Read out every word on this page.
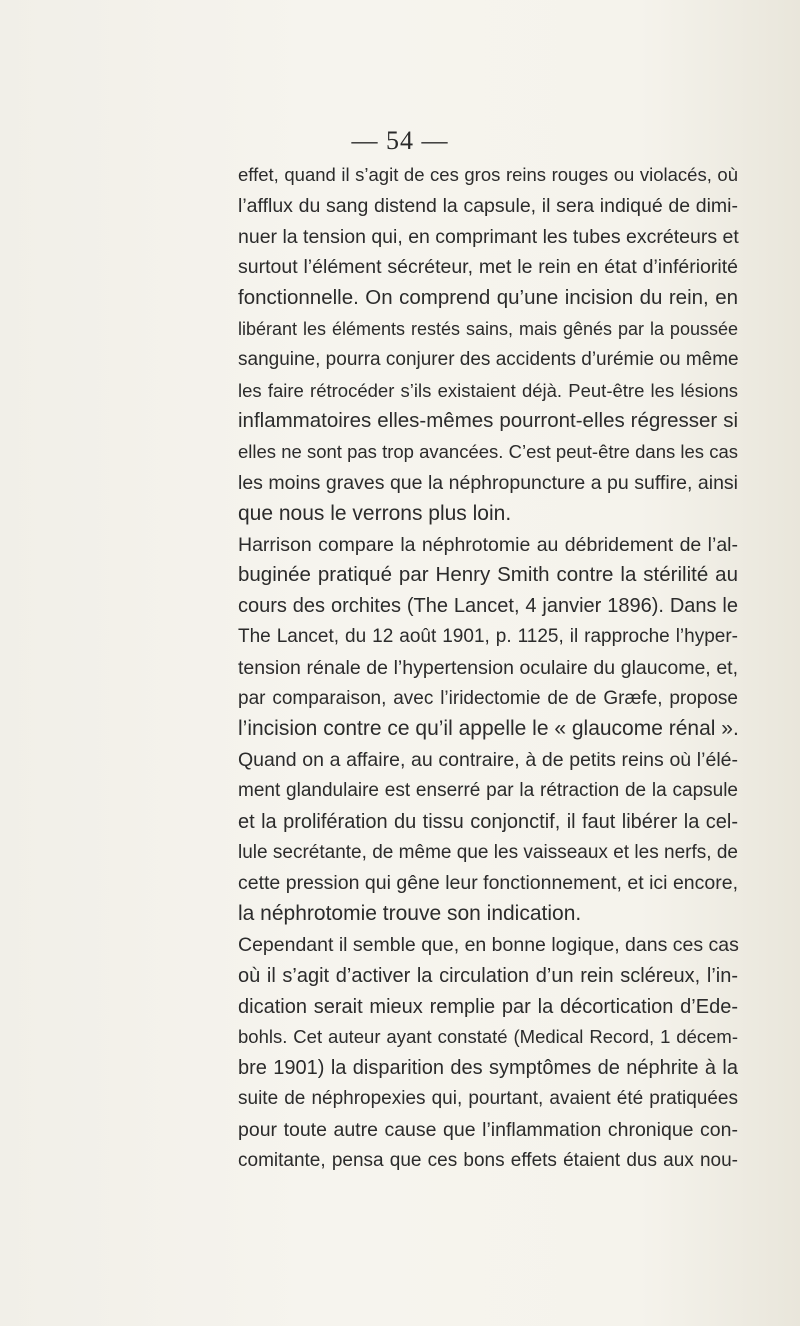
— 54 —
effet, quand il s’agit de ces gros reins rouges ou violacés, où
l’afflux du sang distend la capsule, il sera indiqué de dimi-
nuer la tension qui, en comprimant les tubes excréteurs et
surtout l’élément sécréteur, met le rein en état d’infériorité
fonctionnelle. On comprend qu’une incision du rein, en
libérant les éléments restés sains, mais gênés par la poussée
sanguine, pourra conjurer des accidents d’urémie ou même
les faire rétrocéder s’ils existaient déjà. Peut-être les lésions
inflammatoires elles-mêmes pourront-elles régresser si
elles ne sont pas trop avancées. C’est peut-être dans les cas
les moins graves que la néphropuncture a pu suffire, ainsi
que nous le verrons plus loin.
Harrison compare la néphrotomie au débridement de l’al-
buginée pratiqué par Henry Smith contre la stérilité au
cours des orchites (The Lancet, 4 janvier 1896). Dans le
The Lancet, du 12 août 1901, p. 1125, il rapproche l’hyper-
tension rénale de l’hypertension oculaire du glaucome, et,
par comparaison, avec l’iridectomie de de Græfe, propose
l’incision contre ce qu’il appelle le « glaucome rénal ».
Quand on a affaire, au contraire, à de petits reins où l’élé-
ment glandulaire est enserré par la rétraction de la capsule
et la prolifération du tissu conjonctif, il faut libérer la cel-
lule secrétante, de même que les vaisseaux et les nerfs, de
cette pression qui gêne leur fonctionnement, et ici encore,
la néphrotomie trouve son indication.
Cependant il semble que, en bonne logique, dans ces cas
où il s’agit d’activer la circulation d’un rein scléreux, l’in-
dication serait mieux remplie par la décortication d’Ede-
bohls. Cet auteur ayant constaté (Medical Record, 1 décem-
bre 1901) la disparition des symptômes de néphrite à la
suite de néphropexies qui, pourtant, avaient été pratiquées
pour toute autre cause que l’inflammation chronique con-
comitante, pensa que ces bons effets étaient dus aux nou-
